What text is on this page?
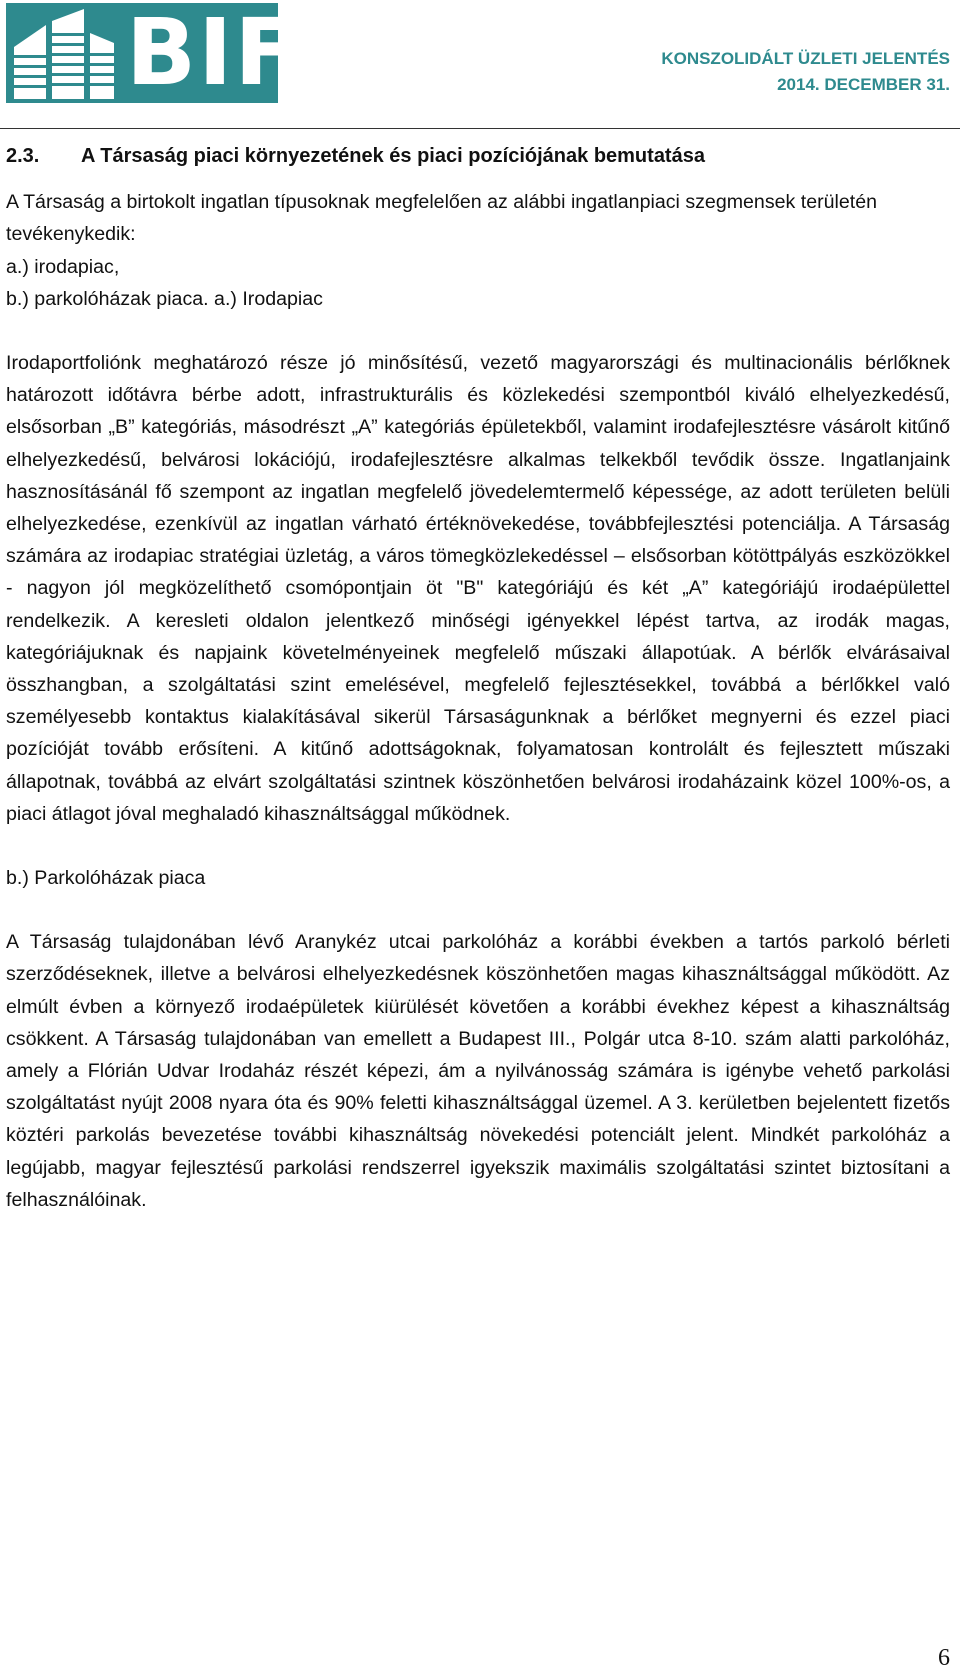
BIF	KONSZOLIDÁLT ÜZLETI JELENTÉS
2014. DECEMBER 31.
2.3.	A Társaság piaci környezetének és piaci pozíciójának bemutatása

A Társaság a birtokolt ingatlan típusoknak megfelelően az alábbi ingatlanpiaci szegmensek területén tevékenykedik:

a.) irodapiac,

b.) parkolóházak piaca. a.) Irodapiac

Irodaportfoliónk meghatározó része jó minősítésű, vezető magyarországi és multinacionális bérlőknek határozott időtávra bérbe adott, infrastrukturális és közlekedési szempontból kiváló elhelyezkedésű, elsősorban „B” kategóriás, másodrészt „A” kategóriás épületekből, valamint irodafejlesztésre vásárolt kitűnő elhelyezkedésű, belvárosi lokációjú, irodafejlesztésre alkalmas telkekből tevődik össze. Ingatlanjaink hasznosításánál fő szempont az ingatlan megfelelő jövedelemtermelő képessége, az adott területen belüli elhelyezkedése, ezenkívül az ingatlan várható értéknövekedése, továbbfejlesztési potenciálja. A Társaság számára az irodapiac stratégiai üzletág, a város tömegközlekedéssel – elsősorban kötöttpályás eszközökkel - nagyon jól megközelíthető csomópontjain öt "B" kategóriájú és két „A” kategóriájú irodaépülettel rendelkezik. A keresleti oldalon jelentkező minőségi igényekkel lépést tartva, az irodák magas, kategóriájuknak és napjaink követelményeinek megfelelő műszaki állapotúak. A bérlők elvárásaival összhangban, a szolgáltatási szint emelésével, megfelelő fejlesztésekkel, továbbá a bérlőkkel való személyesebb kontaktus kialakításával sikerül Társaságunknak a bérlőket megnyerni és ezzel piaci pozícióját tovább erősíteni. A kitűnő adottságoknak, folyamatosan kontrolált és fejlesztett műszaki állapotnak, továbbá az elvárt szolgáltatási szintnek köszönhetően belvárosi irodaházaink közel 100%-os, a piaci átlagot jóval meghaladó kihasználtsággal működnek.

b.) Parkolóházak piaca

A Társaság tulajdonában lévő Aranykéz utcai parkolóház a korábbi években a tartós parkoló bérleti szerződéseknek, illetve a belvárosi elhelyezkedésnek köszönhetően magas kihasználtsággal működött. Az elmúlt évben a környező irodaépületek kiürülését követően a korábbi évekhez képest a kihasználtság csökkent. A Társaság tulajdonában van emellett a Budapest III., Polgár utca 8-10. szám alatti parkolóház, amely a Flórián Udvar Irodaház részét képezi, ám a nyilvánosság számára is igénybe vehető parkolási szolgáltatást nyújt 2008 nyara óta és 90% feletti kihasználtsággal üzemel. A 3. kerületben bejelentett fizetős köztéri parkolás bevezetése további kihasználtság növekedési potenciált jelent. Mindkét parkolóház a legújabb, magyar fejlesztésű parkolási rendszerrel igyekszik maximális szolgáltatási szintet biztosítani a felhasználóinak.

6
